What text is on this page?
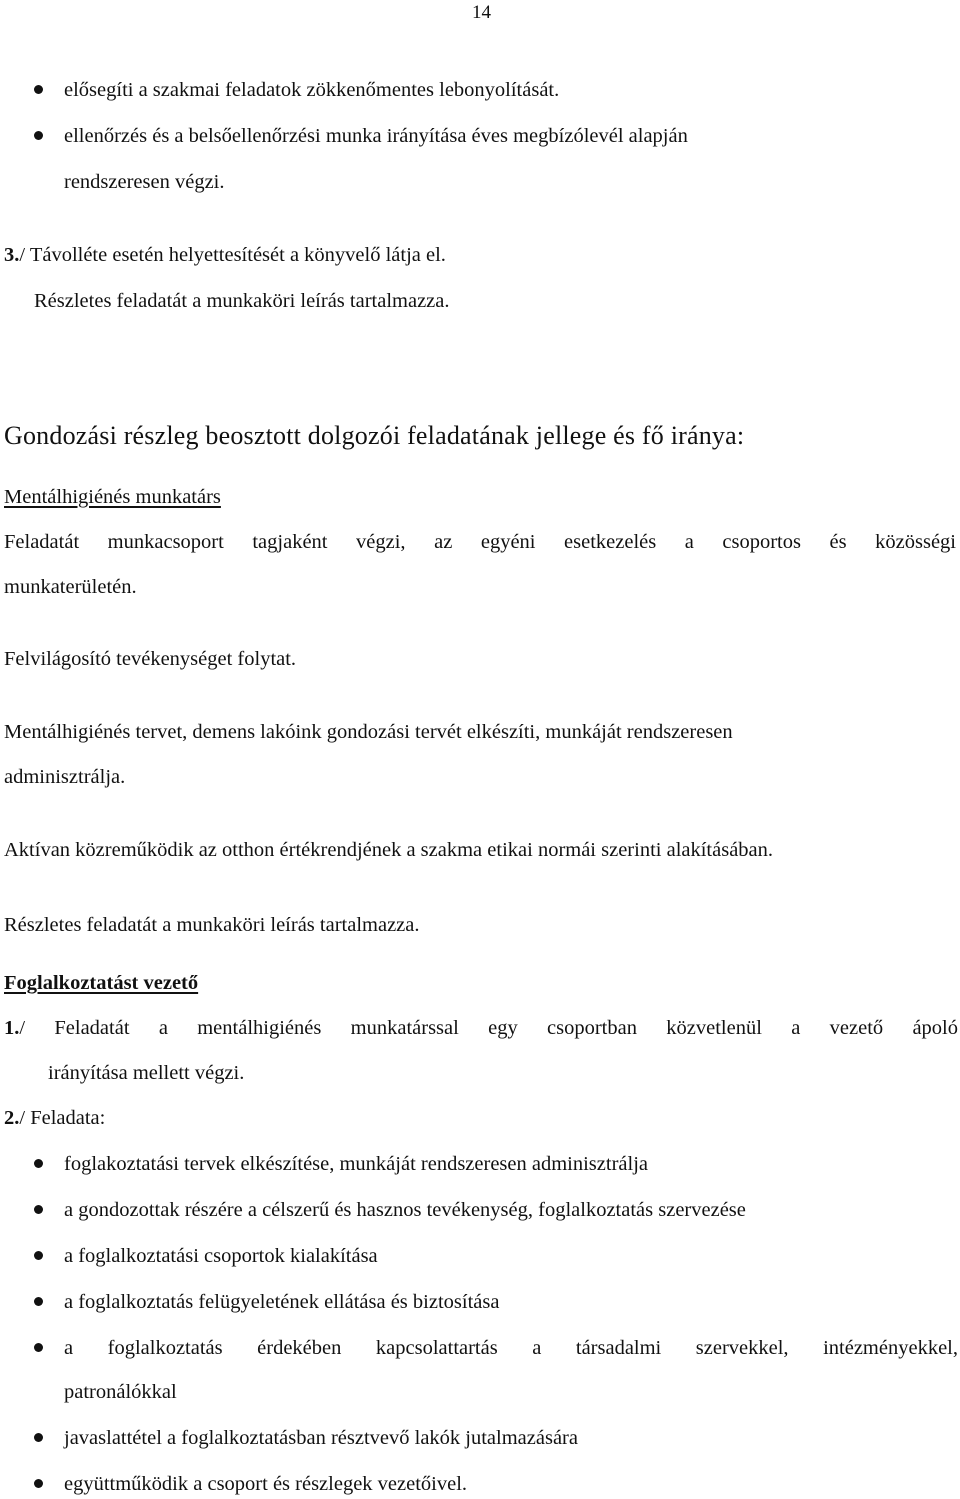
14
elősegíti a szakmai feladatok zökkenőmentes lebonyolítását.
ellenőrzés és a belsőellenőrzési munka irányítása éves megbízólevél alapján
rendszeresen végzi.
3./ Távolléte esetén helyettesítését a könyvelő látja el.
Részletes feladatát a munkaköri leírás tartalmazza.
Gondozási részleg beosztott dolgozói feladatának jellege és fő iránya:
Mentálhigiénés munkatárs
Feladatát munkacsoport tagjaként végzi, az egyéni esetkezelés a csoportos és közösségi
munkaterületén.
Felvilágosító tevékenységet folytat.
Mentálhigiénés tervet, demens lakóink gondozási tervét elkészíti, munkáját rendszeresen
adminisztrálja.
Aktívan közreműködik az otthon értékrendjének a szakma etikai normái szerinti alakításában.
Részletes feladatát a munkaköri leírás tartalmazza.
Foglalkoztatást vezető
1./ Feladatát a mentálhigiénés munkatárssal egy csoportban közvetlenül a vezető ápoló
irányítása mellett végzi.
2./ Feladata:
foglakoztatási tervek elkészítése, munkáját rendszeresen adminisztrálja
a gondozottak részére a célszerű és hasznos tevékenység, foglalkoztatás szervezése
a foglalkoztatási csoportok kialakítása
a foglalkoztatás felügyeletének ellátása és biztosítása
a foglalkoztatás érdekében kapcsolattartás a társadalmi szervekkel, intézményekkel,
patronálókkal
javaslattétel a foglalkoztatásban résztvevő lakók jutalmazására
együttműködik a csoport és részlegek vezetőivel.
